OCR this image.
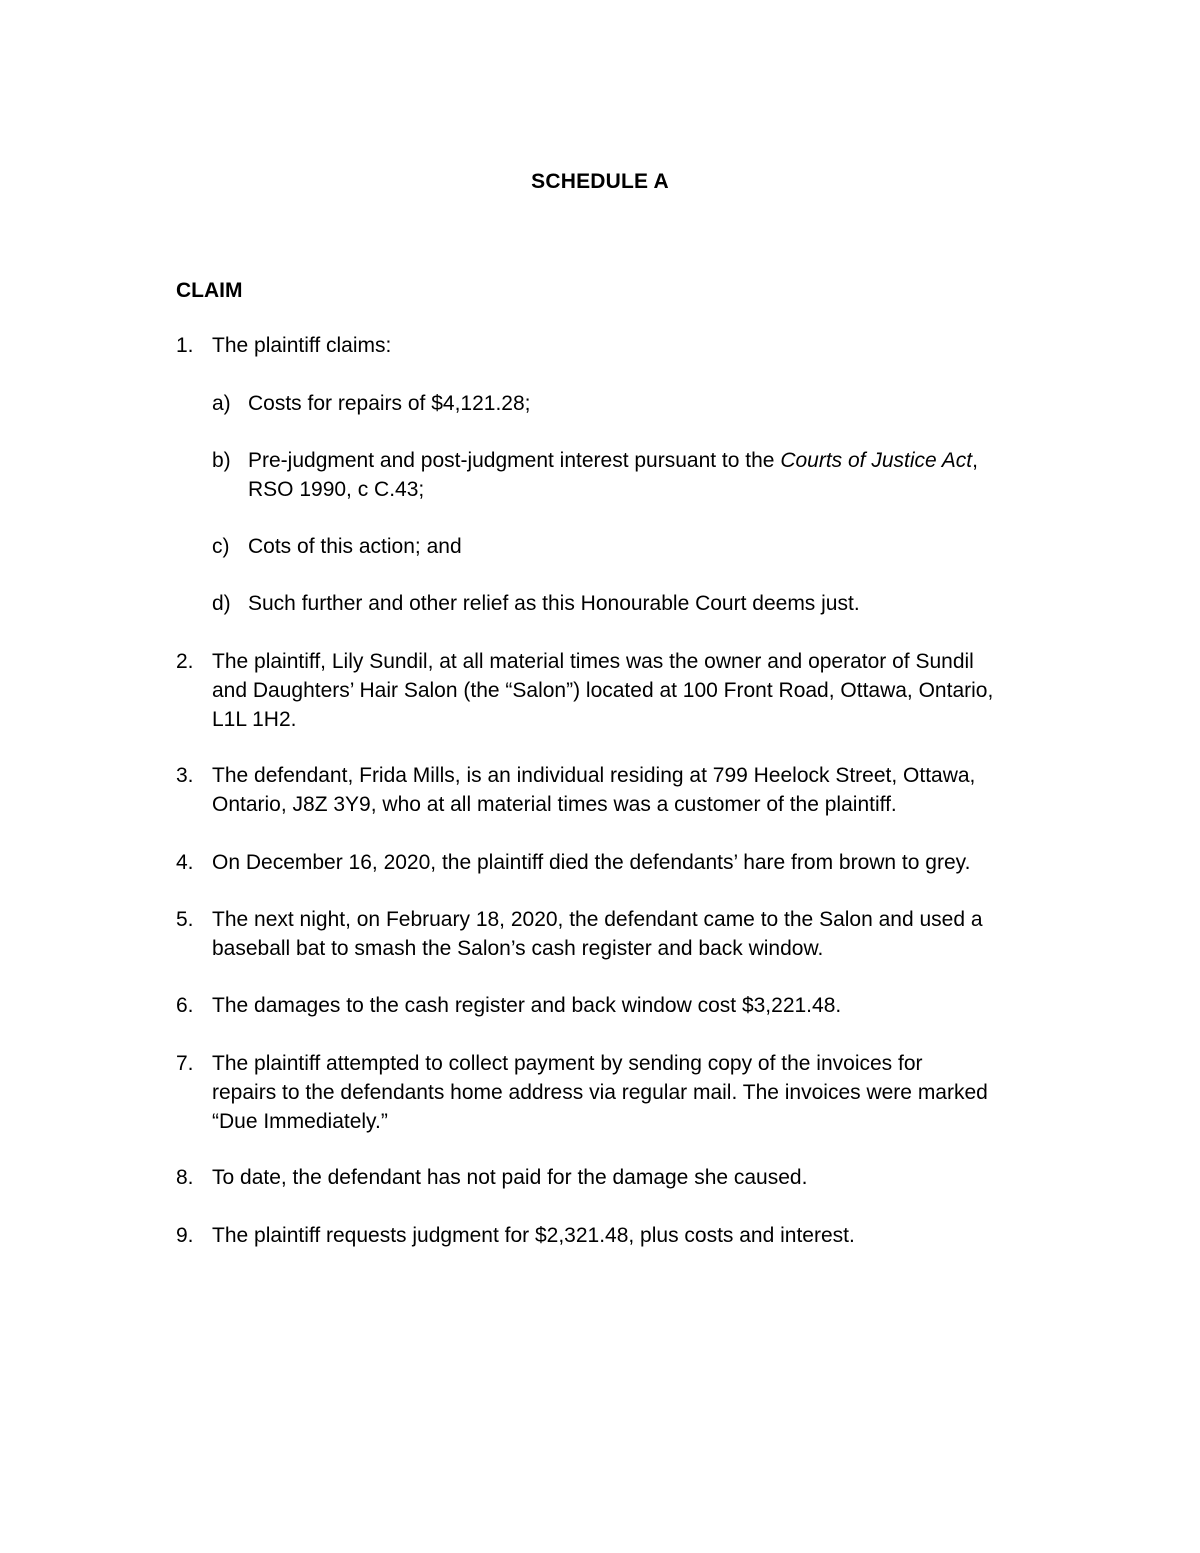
SCHEDULE A
CLAIM
1. The plaintiff claims:
a) Costs for repairs of $4,121.28;
b) Pre-judgment and post-judgment interest pursuant to the Courts of Justice Act,
RSO 1990, c C.43;
c) Cots of this action; and
d) Such further and other relief as this Honourable Court deems just.
2. The plaintiff, Lily Sundil, at all material times was the owner and operator of Sundil
and Daughters’ Hair Salon (the “Salon”) located at 100 Front Road, Ottawa, Ontario,
L1L 1H2.
3. The defendant, Frida Mills, is an individual residing at 799 Heelock Street, Ottawa,
Ontario, J8Z 3Y9, who at all material times was a customer of the plaintiff.
4. On December 16, 2020, the plaintiff died the defendants’ hare from brown to grey.
5. The next night, on February 18, 2020, the defendant came to the Salon and used a
baseball bat to smash the Salon’s cash register and back window.
6. The damages to the cash register and back window cost $3,221.48.
7. The plaintiff attempted to collect payment by sending copy of the invoices for
repairs to the defendants home address via regular mail. The invoices were marked
“Due Immediately.”
8. To date, the defendant has not paid for the damage she caused.
9. The plaintiff requests judgment for $2,321.48, plus costs and interest.
